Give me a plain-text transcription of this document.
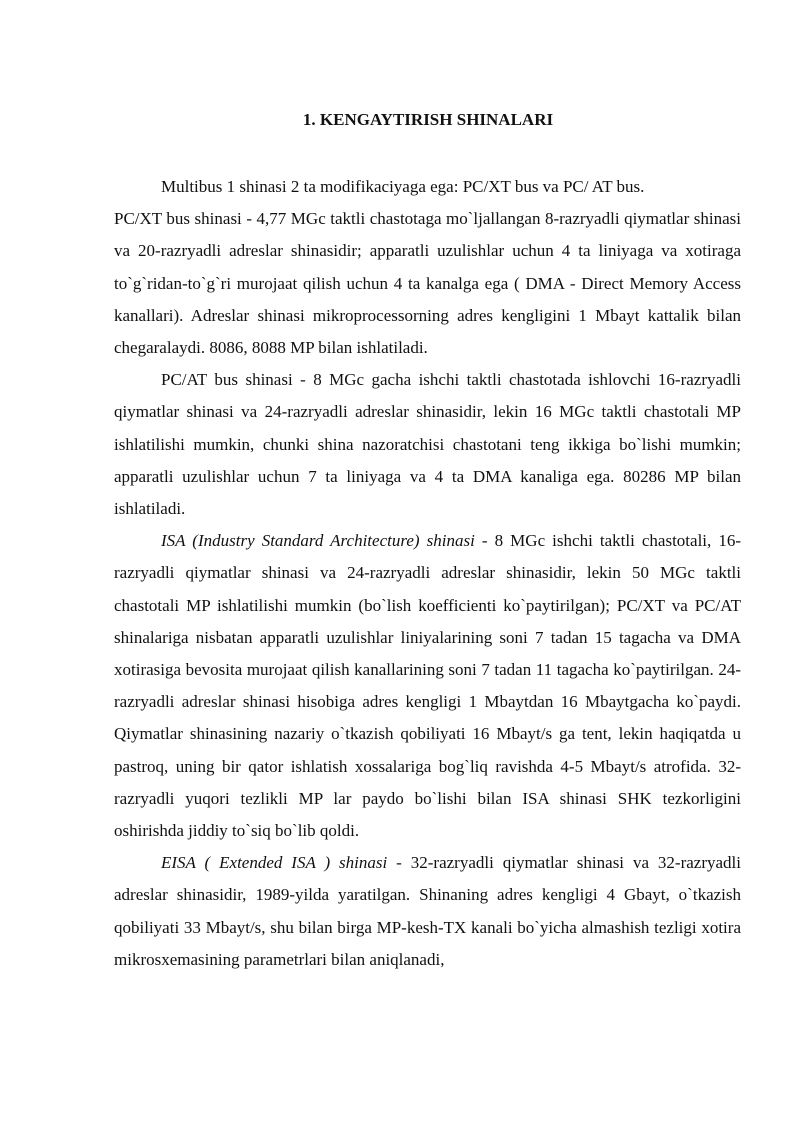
1. KENGAYTIRISH SHINALARI

Multibus 1 shinasi 2 ta modifikaciyaga ega: PC/XT bus va PC/ AT bus.

PC/XT bus shinasi - 4,77 MGc taktli chastotaga mo`ljallangan 8-razryadli qiymatlar shinasi va 20-razryadli adreslar shinasidir; apparatli uzulishlar uchun 4 ta liniyaga va xotiraga to`g`ridan-to`g`ri murojaat qilish uchun 4 ta kanalga ega ( DMA - Direct Memory Access kanallari). Adreslar shinasi mikroprocessorning adres kengligini 1 Mbayt kattalik bilan chegaralaydi. 8086, 8088 MP bilan ishlatiladi.

PC/AT bus shinasi - 8 MGc gacha ishchi taktli chastotada ishlovchi 16-razryadli qiymatlar shinasi va 24-razryadli adreslar shinasidir, lekin 16 MGc taktli chastotali MP ishlatilishi mumkin, chunki shina nazoratchisi chastotani teng ikkiga bo`lishi mumkin; apparatli uzulishlar uchun 7 ta liniyaga va 4 ta DMA kanaliga ega. 80286 MP bilan ishlatiladi.

ISA (Industry Standard Architecture) shinasi - 8 MGc ishchi taktli chastotali, 16-razryadli qiymatlar shinasi va 24-razryadli adreslar shinasidir, lekin 50 MGc taktli chastotali MP ishlatilishi mumkin (bo`lish koefficienti ko`paytirilgan); PC/XT va PC/AT shinalariga nisbatan apparatli uzulishlar liniyalarining soni 7 tadan 15 tagacha va DMA xotirasiga bevosita murojaat qilish kanallarining soni 7 tadan 11 tagacha ko`paytirilgan. 24-razryadli adreslar shinasi hisobiga adres kengligi 1 Mbaytdan 16 Mbaytgacha ko`paydi. Qiymatlar shinasining nazariy o`tkazish qobiliyati 16 Mbayt/s ga tent, lekin haqiqatda u pastroq, uning bir qator ishlatish xossalariga bog`liq ravishda 4-5 Mbayt/s atrofida. 32-razryadli yuqori tezlikli MP lar paydo bo`lishi bilan ISA shinasi SHK tezkorligini oshirishda jiddiy to`siq bo`lib qoldi.

EISA ( Extended ISA ) shinasi - 32-razryadli qiymatlar shinasi va 32-razryadli adreslar shinasidir, 1989-yilda yaratilgan. Shinaning adres kengligi 4 Gbayt, o`tkazish qobiliyati 33 Mbayt/s, shu bilan birga MP-kesh-TX kanali bo`yicha almashish tezligi xotira mikrosxemasining parametrlari bilan aniqlanadi,
